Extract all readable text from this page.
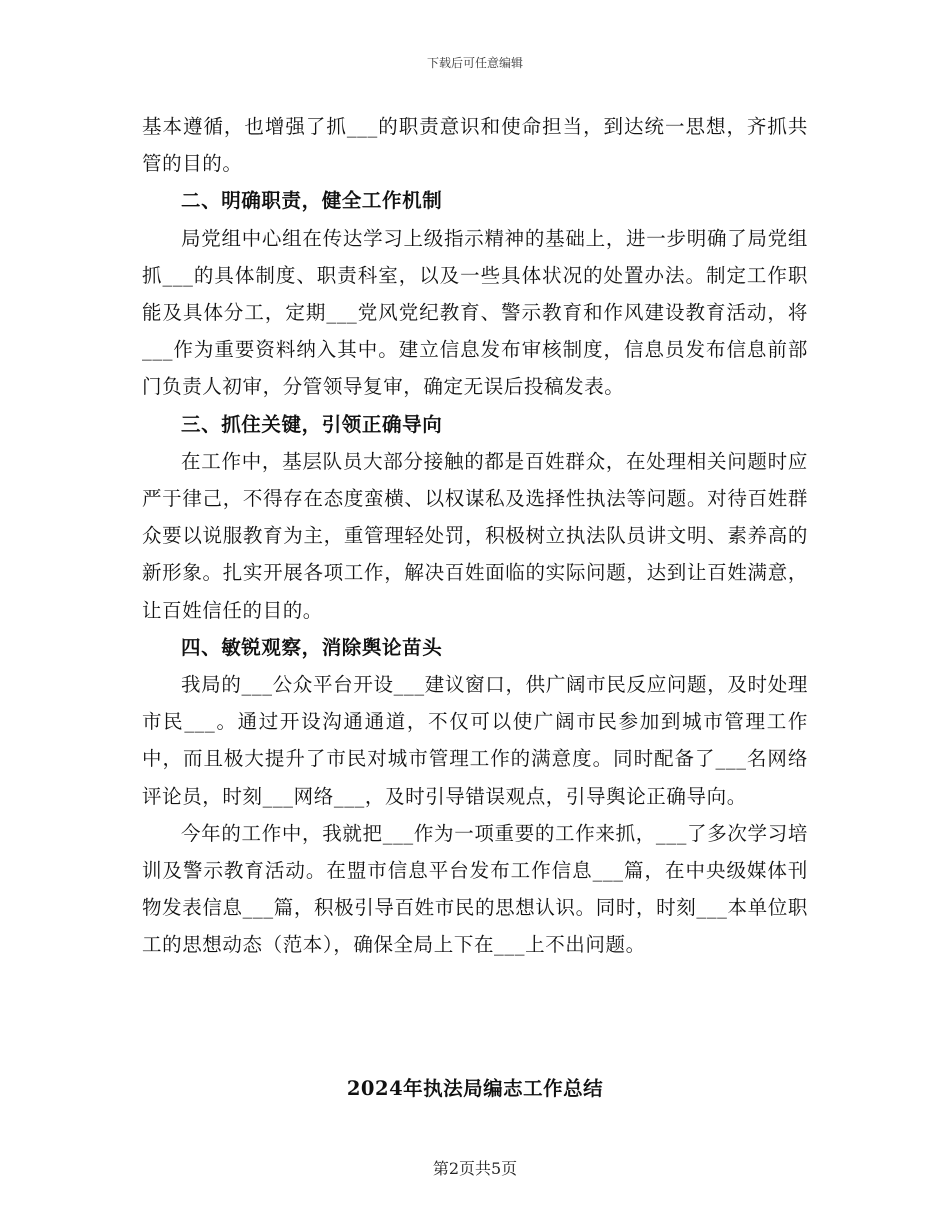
下载后可任意编辑

基本遵循，也增强了抓___的职责意识和使命担当，到达统一思想，齐抓共管的目的。

二、明确职责，健全工作机制

局党组中心组在传达学习上级指示精神的基础上，进一步明确了局党组抓___的具体制度、职责科室，以及一些具体状况的处置办法。制定工作职能及具体分工，定期___党风党纪教育、警示教育和作风建设教育活动，将___作为重要资料纳入其中。建立信息发布审核制度，信息员发布信息前部门负责人初审，分管领导复审，确定无误后投稿发表。

三、抓住关键，引领正确导向

在工作中，基层队员大部分接触的都是百姓群众，在处理相关问题时应严于律己，不得存在态度蛮横、以权谋私及选择性执法等问题。对待百姓群众要以说服教育为主，重管理轻处罚，积极树立执法队员讲文明、素养高的新形象。扎实开展各项工作，解决百姓面临的实际问题，达到让百姓满意，让百姓信任的目的。

四、敏锐观察，消除舆论苗头

我局的___公众平台开设___建议窗口，供广阔市民反应问题，及时处理市民___。通过开设沟通通道，不仅可以使广阔市民参加到城市管理工作中，而且极大提升了市民对城市管理工作的满意度。同时配备了___名网络评论员，时刻___网络___，及时引导错误观点，引导舆论正确导向。

今年的工作中，我就把___作为一项重要的工作来抓，___了多次学习培训及警示教育活动。在盟市信息平台发布工作信息___篇，在中央级媒体刊物发表信息___篇，积极引导百姓市民的思想认识。同时，时刻___本单位职工的思想动态（范本），确保全局上下在___上不出问题。

2024年执法局编志工作总结
第2页共5页
